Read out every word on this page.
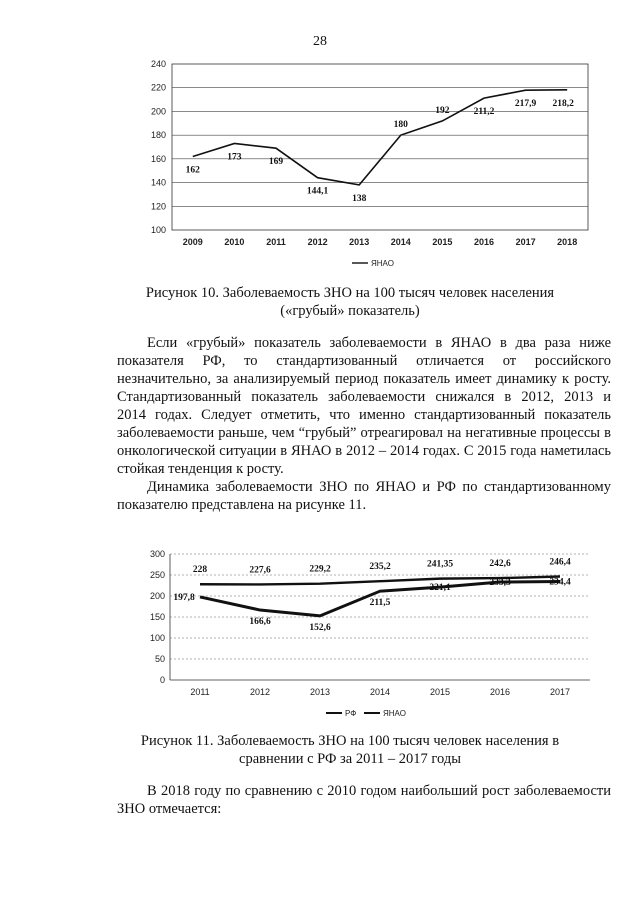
28
100
120
140
160
180
200
220
240
2009 2010 2011 2012 2013 2014 2015 2016 2017 2018
162
173	169
144,1
138
180
192	211,2
217,9 218,2
ЯНАО
Рисунок 10. Заболеваемость ЗНО на 100 тысяч человек населения
(«грубый» показатель)
Если «грубый» показатель заболеваемости в ЯНАО в два раза ниже
показателя РФ, то стандартизованный отличается от российского
незначительно, за анализируемый период показатель имеет динамику к росту.
Стандартизованный показатель заболеваемости снижался в 2012, 2013 и
2014 годах. Следует отметить, что именно стандартизованный показатель
заболеваемости раньше, чем “грубый” отреагировал на негативные процессы в
онкологической ситуации в ЯНАО в 2012 – 2014 годах. С 2015 года наметилась
стойкая тенденция к росту.
Динамика заболеваемости ЗНО по ЯНАО и РФ по стандартизованному
показателю представлена на рисунке 11.
0
50
100
150
200
250
300
2011	2012	2013	2014	2015	2016	2017
228	227,6	229,2	235,2	241,35	242,6	246,4
197,8
166,6
152,6
211,5
221,1
233,3	234,4
РФ	ЯНАО
Рисунок 11. Заболеваемость ЗНО на 100 тысяч человек населения в
сравнении с РФ за 2011 – 2017 годы
В 2018 году по сравнению с 2010 годом наибольший рост заболеваемости
ЗНО отмечается:
